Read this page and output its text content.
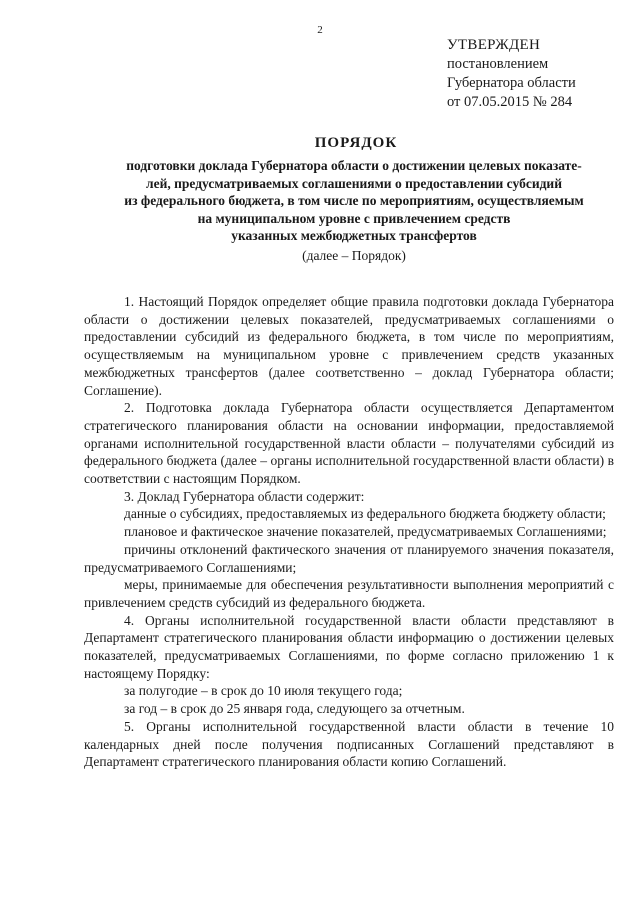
2
УТВЕРЖДЕН
постановлением
Губернатора области
от 07.05.2015 № 284
ПОРЯДОК
подготовки доклада Губернатора области о достижении целевых показате-
лей, предусматриваемых соглашениями о предоставлении субсидий
из федерального бюджета, в том числе по мероприятиям, осуществляемым
на муниципальном уровне с привлечением средств
указанных межбюджетных трансфертов
(далее – Порядок)

1. Настоящий Порядок определяет общие правила подготовки доклада Губернатора области о достижении целевых показателей, предусматриваемых соглашениями о предоставлении субсидий из федерального бюджета, в том числе по мероприятиям, осуществляемым на муниципальном уровне с привлечением средств указанных межбюджетных трансфертов (далее соответственно – доклад Губернатора области; Соглашение).

2. Подготовка доклада Губернатора области осуществляется Департаментом стратегического планирования области на основании информации, предоставляемой органами исполнительной государственной власти области – получателями субсидий из федерального бюджета (далее – органы исполнительной государственной власти области) в соответствии с настоящим Порядком.

3. Доклад Губернатора области содержит:

данные о субсидиях, предоставляемых из федерального бюджета бюджету области;

плановое и фактическое значение показателей, предусматриваемых Соглашениями;

причины отклонений фактического значения от планируемого значения показателя, предусматриваемого Соглашениями;

меры, принимаемые для обеспечения результативности выполнения мероприятий с привлечением средств субсидий из федерального бюджета.

4. Органы исполнительной государственной власти области представляют в Департамент стратегического планирования области информацию о достижении целевых показателей, предусматриваемых Соглашениями, по форме согласно приложению 1 к настоящему Порядку:

за полугодие – в срок до 10 июля текущего года;

за год – в срок до 25 января года, следующего за отчетным.

5. Органы исполнительной государственной власти области в течение 10 календарных дней после получения подписанных Соглашений представляют в Департамент стратегического планирования области копию Соглашений.
